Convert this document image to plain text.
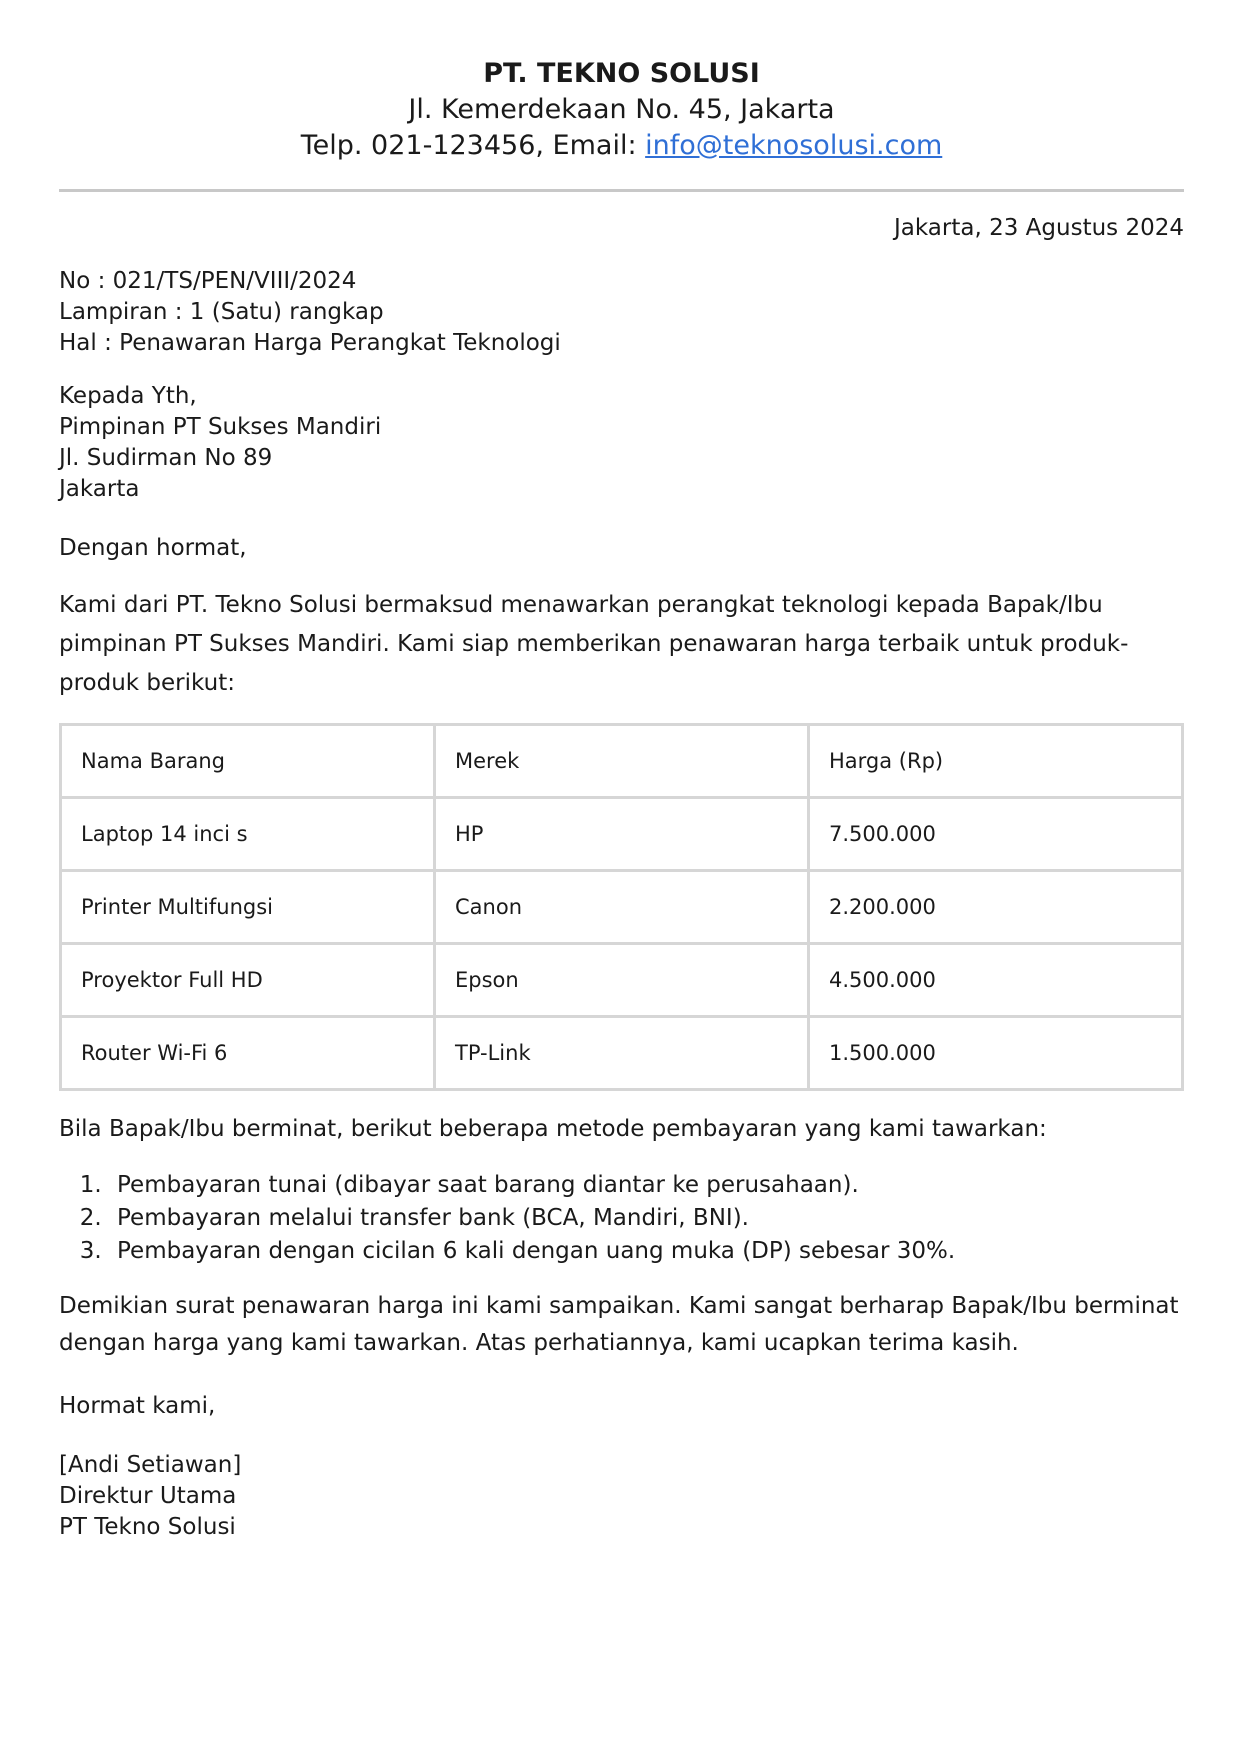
PT. TEKNO SOLUSI

Jl. Kemerdekaan No. 45, Jakarta

Telp. 021-123456, Email: info@teknosolusi.com

Jakarta, 23 Agustus 2024
No : 021/TS/PEN/VIII/2024
Lampiran : 1 (Satu) rangkap
Hal : Penawaran Harga Perangkat Teknologi
Kepada Yth,
Pimpinan PT Sukses Mandiri
Jl. Sudirman No 89
Jakarta
Dengan hormat,
Kami dari PT. Tekno Solusi bermaksud menawarkan perangkat teknologi kepada Bapak/Ibu pimpinan PT Sukses Mandiri. Kami siap memberikan penawaran harga terbaik untuk produk-produk berikut:
Nama Barang	Merek	Harga (Rp)
Laptop 14 inci s	HP	7.500.000
Printer Multifungsi	Canon	2.200.000
Proyektor Full HD	Epson	4.500.000
Router Wi-Fi 6	TP-Link	1.500.000
Bila Bapak/Ibu berminat, berikut beberapa metode pembayaran yang kami tawarkan:
1. Pembayaran tunai (dibayar saat barang diantar ke perusahaan).
2. Pembayaran melalui transfer bank (BCA, Mandiri, BNI).
3. Pembayaran dengan cicilan 6 kali dengan uang muka (DP) sebesar 30%.
Demikian surat penawaran harga ini kami sampaikan. Kami sangat berharap Bapak/Ibu berminat dengan harga yang kami tawarkan. Atas perhatiannya, kami ucapkan terima kasih.
Hormat kami,
[Andi Setiawan]
Direktur Utama
PT Tekno Solusi
